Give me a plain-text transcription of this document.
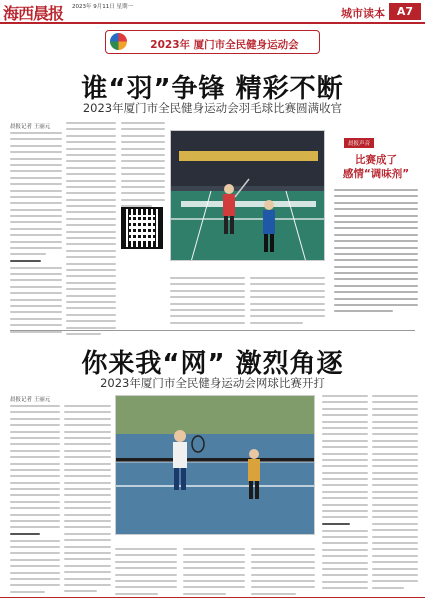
海西晨报 2023年 9月11日 星期一	城市读本	A7
2023年 厦门市全民健身运动会
谁“羽”争锋 精彩不断
2023年厦门市全民健身运动会羽毛球比赛圆满收官
晨报记者 王丽元
晨报声音
比赛成了
感情“调味剂”
你来我“网” 激烈角逐
2023年厦门市全民健身运动会网球比赛开打
晨报记者 王丽元
